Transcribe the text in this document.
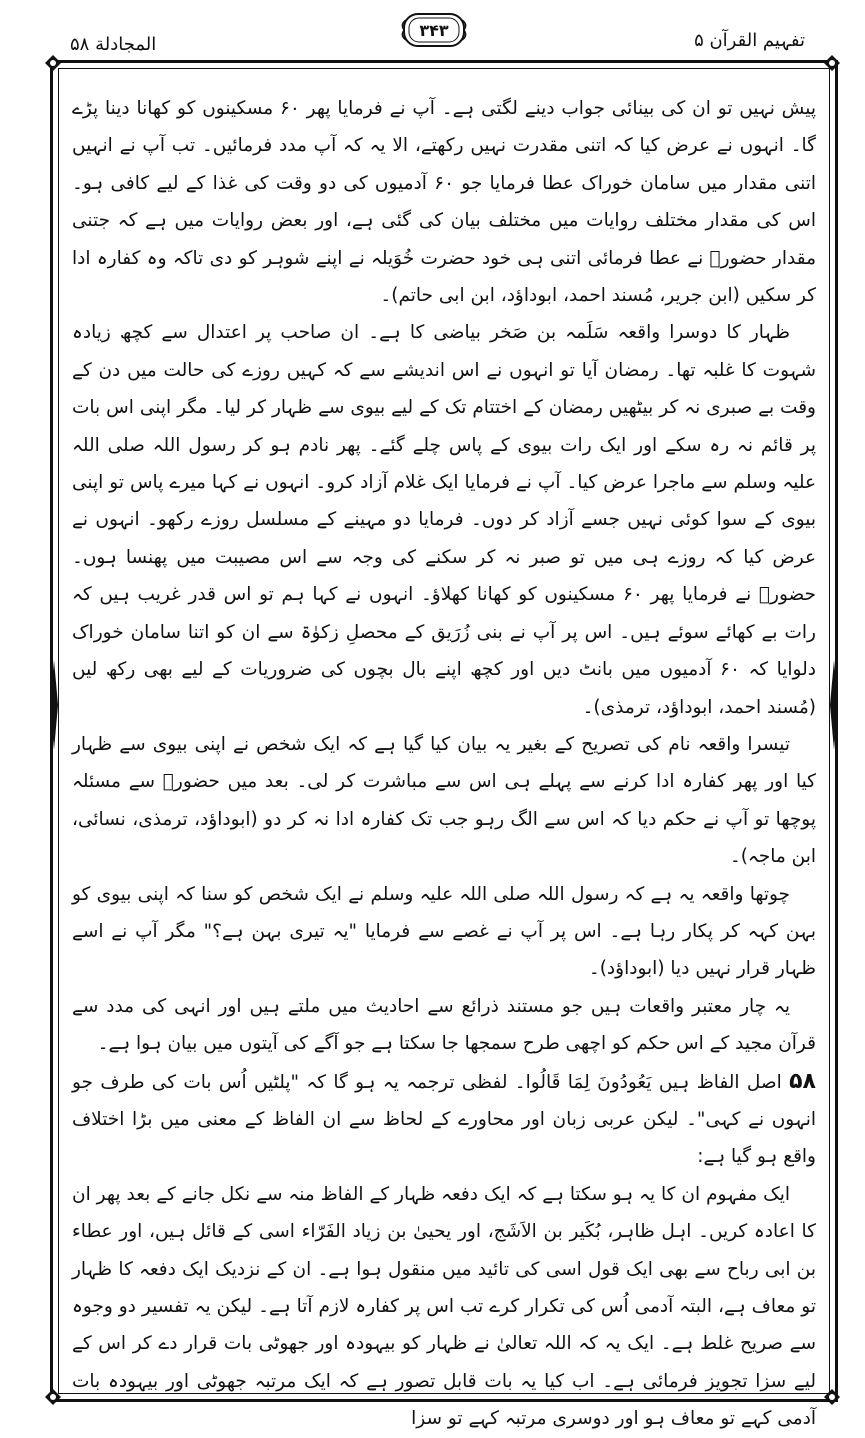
المجادلة ۵۸
۳۴۳	تفہیم القرآن ۵

پیش نہیں تو ان کی بینائی جواب دینے لگتی ہے۔ آپ نے فرمایا پھر ۶۰ مسکینوں کو کھانا دینا پڑے گا۔ انہوں نے عرض کیا کہ اتنی مقدرت نہیں رکھتے، الا یہ کہ آپ مدد فرمائیں۔ تب آپ نے انہیں اتنی مقدار میں سامان خوراک عطا فرمایا جو ۶۰ آدمیوں کی دو وقت کی غذا کے لیے کافی ہو۔ اس کی مقدار مختلف روایات میں مختلف بیان کی گئی ہے، اور بعض روایات میں ہے کہ جتنی مقدار حضورؐ نے عطا فرمائی اتنی ہی خود حضرت خُوَیلہ نے اپنے شوہر کو دی تاکہ وہ کفارہ ادا کر سکیں (ابن جریر، مُسند احمد، ابوداؤد، ابن ابی حاتم)۔

ظہار کا دوسرا واقعہ سَلَمہ بن صَخر بیاضی کا ہے۔ ان صاحب پر اعتدال سے کچھ زیادہ شہوت کا غلبہ تھا۔ رمضان آیا تو انہوں نے اس اندیشے سے کہ کہیں روزے کی حالت میں دن کے وقت بے صبری نہ کر بیٹھیں رمضان کے اختتام تک کے لیے بیوی سے ظہار کر لیا۔ مگر اپنی اس بات پر قائم نہ رہ سکے اور ایک رات بیوی کے پاس چلے گئے۔ پھر نادم ہو کر رسول اللہ صلی اللہ علیہ وسلم سے ماجرا عرض کیا۔ آپ نے فرمایا ایک غلام آزاد کرو۔ انہوں نے کہا میرے پاس تو اپنی بیوی کے سوا کوئی نہیں جسے آزاد کر دوں۔ فرمایا دو مہینے کے مسلسل روزے رکھو۔ انہوں نے عرض کیا کہ روزے ہی میں تو صبر نہ کر سکنے کی وجہ سے اس مصیبت میں پھنسا ہوں۔ حضورؐ نے فرمایا پھر ۶۰ مسکینوں کو کھانا کھلاؤ۔ انہوں نے کہا ہم تو اس قدر غریب ہیں کہ رات بے کھائے سوئے ہیں۔ اس پر آپ نے بنی زُرَیق کے محصلِ زکوٰۃ سے ان کو اتنا سامان خوراک دلوایا کہ ۶۰ آدمیوں میں بانٹ دیں اور کچھ اپنے بال بچوں کی ضروریات کے لیے بھی رکھ لیں (مُسند احمد، ابوداؤد، ترمذی)۔

تیسرا واقعہ نام کی تصریح کے بغیر یہ بیان کیا گیا ہے کہ ایک شخص نے اپنی بیوی سے ظہار کیا اور پھر کفارہ ادا کرنے سے پہلے ہی اس سے مباشرت کر لی۔ بعد میں حضورؐ سے مسئلہ پوچھا تو آپ نے حکم دیا کہ اس سے الگ رہو جب تک کفارہ ادا نہ کر دو (ابوداؤد، ترمذی، نسائی، ابن ماجہ)۔

چوتھا واقعہ یہ ہے کہ رسول اللہ صلی اللہ علیہ وسلم نے ایک شخص کو سنا کہ اپنی بیوی کو بہن کہہ کر پکار رہا ہے۔ اس پر آپ نے غصے سے فرمایا "یہ تیری بہن ہے؟" مگر آپ نے اسے ظہار قرار نہیں دیا (ابوداؤد)۔

یہ چار معتبر واقعات ہیں جو مستند ذرائع سے احادیث میں ملتے ہیں اور انہی کی مدد سے قرآن مجید کے اس حکم کو اچھی طرح سمجھا جا سکتا ہے جو آگے کی آیتوں میں بیان ہوا ہے۔

۵۸ اصل الفاظ ہیں یَعُودُونَ لِمَا قَالُوا۔ لفظی ترجمہ یہ ہو گا کہ "پلٹیں اُس بات کی طرف جو انہوں نے کہی"۔ لیکن عربی زبان اور محاورے کے لحاظ سے ان الفاظ کے معنی میں بڑا اختلاف واقع ہو گیا ہے:

ایک مفہوم ان کا یہ ہو سکتا ہے کہ ایک دفعہ ظہار کے الفاظ منہ سے نکل جانے کے بعد پھر ان کا اعادہ کریں۔ اہل ظاہر، بُکَیر بن الاَشَج، اور یحییٰ بن زیاد الفَرّاء اسی کے قائل ہیں، اور عطاء بن ابی رباح سے بھی ایک قول اسی کی تائید میں منقول ہوا ہے۔ ان کے نزدیک ایک دفعہ کا ظہار تو معاف ہے، البتہ آدمی اُس کی تکرار کرے تب اس پر کفارہ لازم آتا ہے۔ لیکن یہ تفسیر دو وجوہ سے صریح غلط ہے۔ ایک یہ کہ اللہ تعالیٰ نے ظہار کو بیہودہ اور جھوٹی بات قرار دے کر اس کے لیے سزا تجویز فرمائی ہے۔ اب کیا یہ بات قابل تصور ہے کہ ایک مرتبہ جھوٹی اور بیہودہ بات آدمی کہے تو معاف ہو اور دوسری مرتبہ کہے تو سزا
